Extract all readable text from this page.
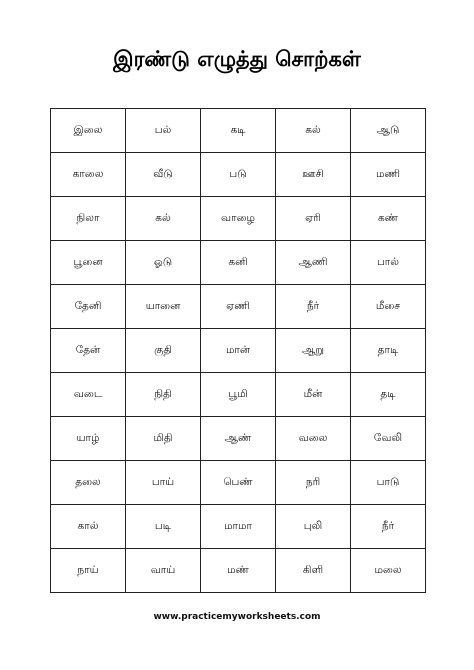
இரண்டு எழுத்து சொற்கள்
இலை	பல்	கடி	கல்	ஆடு
காலை	வீடு	படு	ஊசி	மணி
நிலா	கல்	வாழை	ஏரி	கண்
பூனை	ஓடு	கனி	ஆணி	பால்
தேனி	யானை	ஏணி	நீர்	மீசை
தேன்	குதி	மான்	ஆறு	தாடி
வடை	நிதி	பூமி	மீன்	தடி
யாழ்	மிதி	ஆண்	வலை	வேலி
தலை	பாய்	பெண்	நரி	பாடு
கால்	படி	மாமா	புலி	நீர்
நாய்	வாய்	மண்	கிளி	மலை
www.practicemyworksheets.com
